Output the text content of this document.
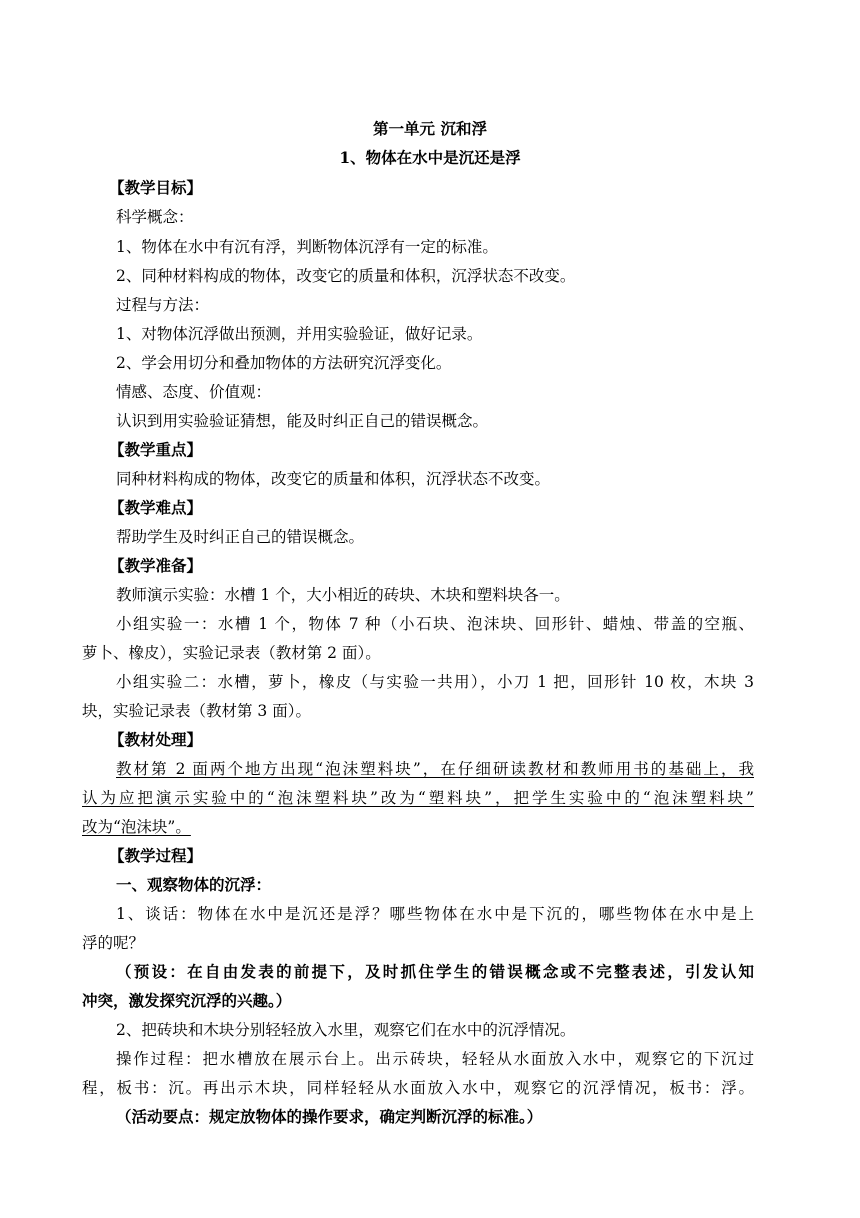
第一单元 沉和浮
1、物体在水中是沉还是浮
【教学目标】
科学概念：
1、物体在水中有沉有浮，判断物体沉浮有一定的标准。
2、同种材料构成的物体，改变它的质量和体积，沉浮状态不改变。
过程与方法：
1、对物体沉浮做出预测，并用实验验证，做好记录。
2、学会用切分和叠加物体的方法研究沉浮变化。
情感、态度、价值观：
认识到用实验验证猜想，能及时纠正自己的错误概念。
【教学重点】
同种材料构成的物体，改变它的质量和体积，沉浮状态不改变。
【教学难点】
帮助学生及时纠正自己的错误概念。
【教学准备】
教师演示实验：水槽 1 个，大小相近的砖块、木块和塑料块各一。
小组实验一：水槽 1 个，物体 7 种（小石块、泡沫块、回形针、蜡烛、带盖的空瓶、
萝卜、橡皮），实验记录表（教材第 2 面）。
小组实验二：水槽，萝卜，橡皮（与实验一共用），小刀 1 把，回形针 10 枚，木块 3
块，实验记录表（教材第 3 面）。
【教材处理】
教材第 2 面两个地方出现“泡沫塑料块”，在仔细研读教材和教师用书的基础上，我
认为应把演示实验中的“泡沫塑料块”改为“塑料块”，把学生实验中的“泡沫塑料块”
改为“泡沫块”。
【教学过程】
一、观察物体的沉浮：
1、谈话：物体在水中是沉还是浮？哪些物体在水中是下沉的，哪些物体在水中是上
浮的呢？
（预设：在自由发表的前提下，及时抓住学生的错误概念或不完整表述，引发认知
冲突，激发探究沉浮的兴趣。）
2、把砖块和木块分别轻轻放入水里，观察它们在水中的沉浮情况。
操作过程：把水槽放在展示台上。出示砖块，轻轻从水面放入水中，观察它的下沉过
程，板书：沉。再出示木块，同样轻轻从水面放入水中，观察它的沉浮情况，板书：浮。
（活动要点：规定放物体的操作要求，确定判断沉浮的标准。）
